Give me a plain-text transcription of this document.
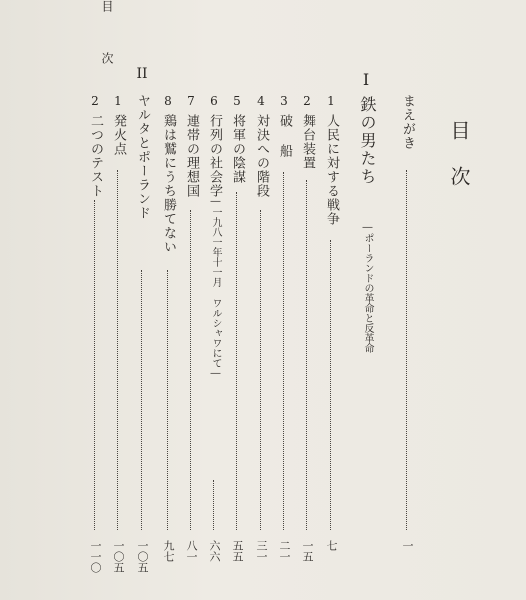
目次
目次
まえがき
一
I
鉄の男たち
―ポーランドの革命と反革命
1
人民に対する戦争
七
2
舞台装置
一五
3
破 船
二一
4
対決への階段
三一
5
将軍の陰謀
五五
6
行列の社会学
―一九八一年十一月 ワルシャワにて―
六六
7
連帯の理想国
八一
8
鶏は鷲にうち勝てない
九七
II
ヤルタとポーランド
一〇五
1
発火点
一〇五
2
二つのテスト
一一〇
